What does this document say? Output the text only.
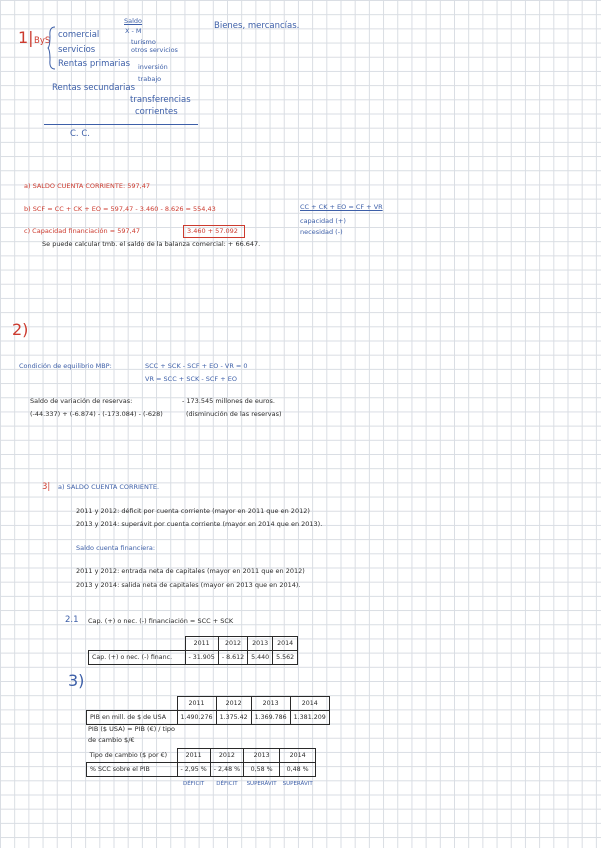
1| ByS
comercial
servicios
Rentas primarias
Rentas secundarias
Saldo
X - M	Bienes, mercancías.
turismo
otros servicios
inversión
trabajo
transferencias
corrientes
C. C.
a) SALDO CUENTA CORRIENTE: 597,47
b) SCF = CC + CK + EO = 597,47 - 3.460 - 8.626 = 554,43	CC + CK + EO = CF + VR
capacidad (+)
necesidad (-)
c) Capacidad financiación = 597,47	3.460 + 57.092
Se puede calcular tmb. el saldo de la balanza comercial: + 66.647.
2)
Condición de equilibrio MBP:	SCC + SCK - SCF + EO - VR = 0
VR = SCC + SCK - SCF + EO
Saldo de variación de reservas:
(-44.337) + (-6.874) - (-173.084) - (-628)
- 173.545 millones de euros.
(disminución de las reservas)
3| a) SALDO CUENTA CORRIENTE.
2011 y 2012: déficit por cuenta corriente (mayor en 2011 que en 2012)
2013 y 2014: superávit por cuenta corriente (mayor en 2014 que en 2013).
Saldo cuenta financiera:
2011 y 2012: entrada neta de capitales (mayor en 2011 que en 2012)
2013 y 2014: salida neta de capitales (mayor en 2013 que en 2014).
2.1 Cap. (+) o nec. (-) financiación = SCC + SCK
	2011	2012	2013	2014
Cap. (+) o nec. (-) financ.	- 31.905	- 8.612	5.440	5.562
3)
	2011	2012	2013	2014
PIB en mill. de $ de USA	1.490.276	1.375.42	1.369.786	1.381.209
PIB ($ USA) = PIB (€) / tipo
de cambio $/€
Tipo de cambio ($ por €)	2011	2012	2013	2014
% SCC sobre el PIB	- 2,95 %	- 2,48 %	0,58 %	0,48 %
	DÉFICIT	DÉFICIT	SUPERÁVIT	SUPERÁVIT
